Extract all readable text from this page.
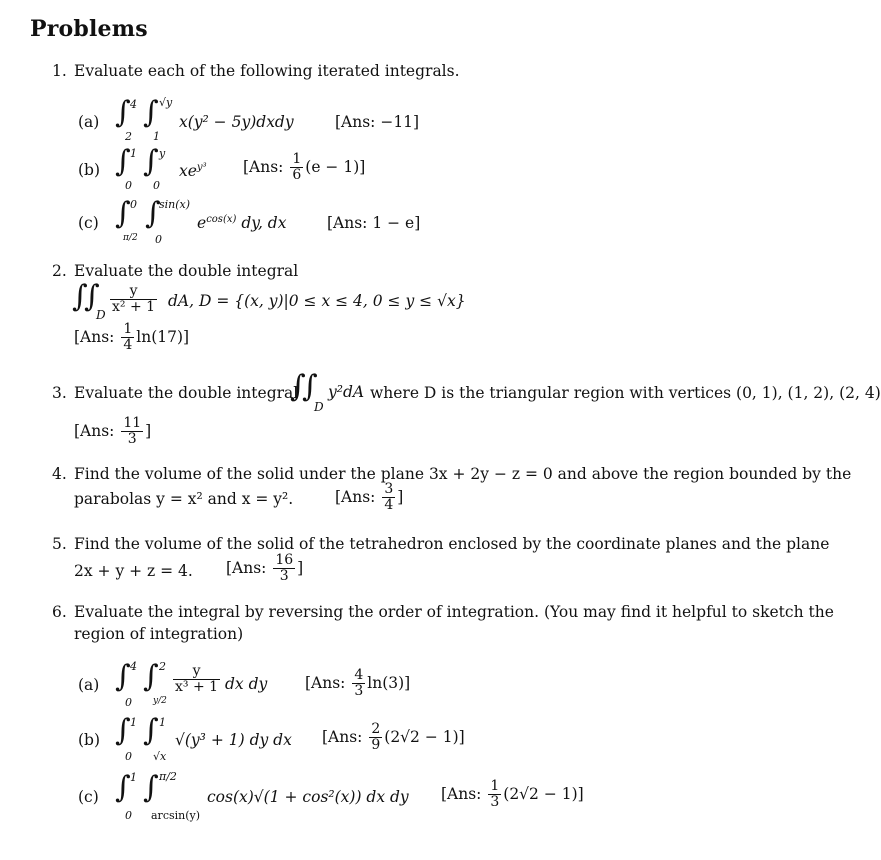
Problems
1. Evaluate each of the following iterated integrals.
(a) ∫ 4
2
∫ √y
1
x(y² − 5y)dxdy	[Ans: −11]
(b) ∫ 1
0
∫ y
0
$xe^{y^3}$ [Ans: $\frac{1}{6} (e - 1)$]
(c) ∫ 0
π/2
∫
sin(x)
0
$e^{cos(x)}$ dy, dx	[Ans: 1 − e]
2. Evaluate the double integral
∫
∫
D $\frac{y}{\text{x² + 1}}$ dA, D = {(x, y)|0 ≤ x ≤ 4, 0 ≤ y ≤ √x}
[Ans: $\frac{1}{4} \ln(17)$]
3. Evaluate the double integral
∫
∫
D
y²dA where D is the triangular region with vertices (0, 1), (1, 2), (2, 4)
[Ans: $\frac{11}{3}$ ]
4. Find the volume of the solid under the plane 3x + 2y − z = 0 and above the region bounded by the
parabolas y = x² and x = y².	[Ans: $\frac{3}{4}$ ]
5. Find the volume of the solid of the tetrahedron enclosed by the coordinate planes and the plane
2x + y + z = 4. [Ans: $\frac{16}{3}$ ]
6. Evaluate the integral by reversing the order of integration. (You may find it helpful to sketch the
region of integration)
(a) ∫ 4
0
∫ 2
y/2
$\frac{y}{\text{x³ + 1}}$ dx dy [Ans: $\frac{4}{3} \ln(3)$]
(b) ∫ 1
0
∫ 1
√x
√(y³ + 1) dy dx [Ans: $\frac{2}{9} (2√2 - 1)$]
(c) ∫ 1
0
∫ π/2
arcsin(y)
cos(x)√(1 + cos²(x)) dx dy [Ans: $\frac{1}{3} (2√2 - 1)$]
